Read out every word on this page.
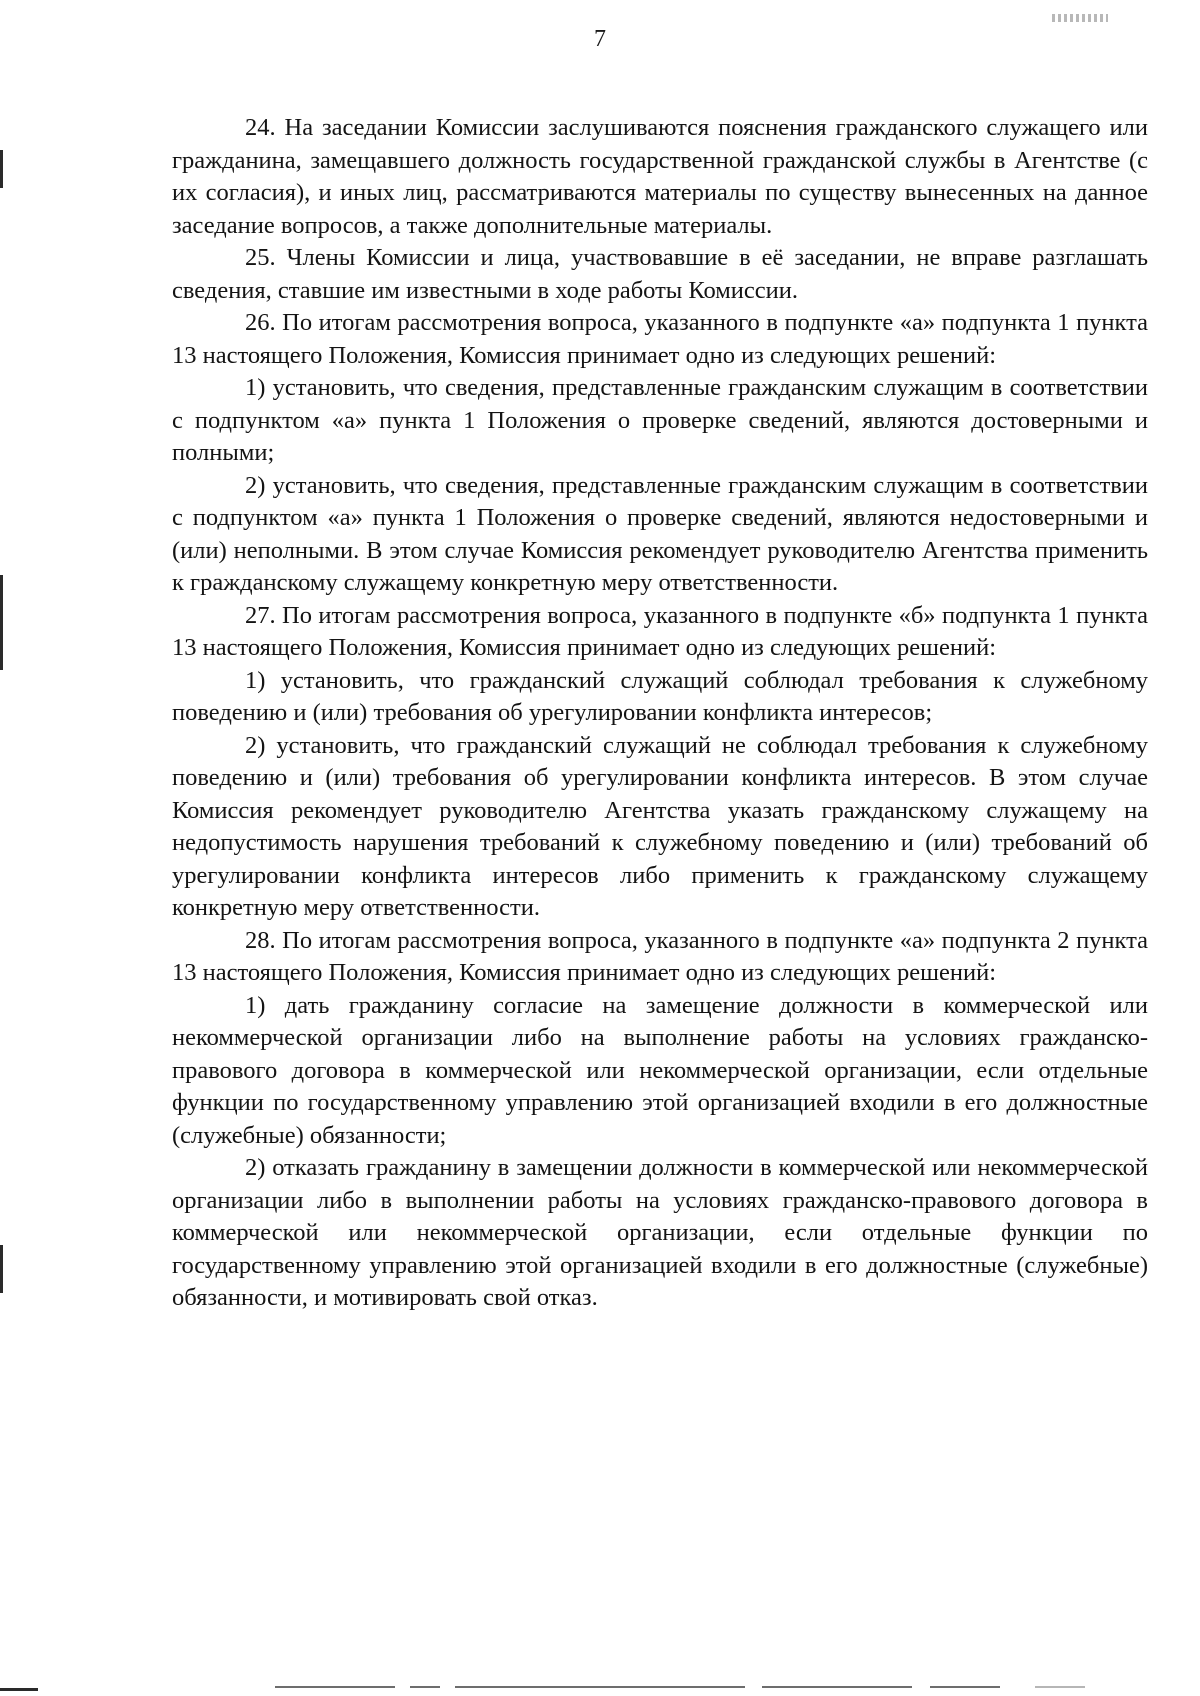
7

24. На заседании Комиссии заслушиваются пояснения гражданского служащего или гражданина, замещавшего должность государственной гражданской службы в Агентстве (с их согласия), и иных лиц, рассматриваются материалы по существу вынесенных на данное заседание вопросов, а также дополнительные материалы.

25. Члены Комиссии и лица, участвовавшие в её заседании, не вправе разглашать сведения, ставшие им известными в ходе работы Комиссии.

26. По итогам рассмотрения вопроса, указанного в подпункте «а» подпункта 1 пункта 13 настоящего Положения, Комиссия принимает одно из следующих решений:

1) установить, что сведения, представленные гражданским служащим в соответствии с подпунктом «а» пункта 1 Положения о проверке сведений, являются достоверными и полными;

2) установить, что сведения, представленные гражданским служащим в соответствии с подпунктом «а» пункта 1 Положения о проверке сведений, являются недостоверными и (или) неполными. В этом случае Комиссия рекомендует руководителю Агентства применить к гражданскому служащему конкретную меру ответственности.

27. По итогам рассмотрения вопроса, указанного в подпункте «б» подпункта 1 пункта 13 настоящего Положения, Комиссия принимает одно из следующих решений:

1) установить, что гражданский служащий соблюдал требования к служебному поведению и (или) требования об урегулировании конфликта интересов;

2) установить, что гражданский служащий не соблюдал требования к служебному поведению и (или) требования об урегулировании конфликта интересов. В этом случае Комиссия рекомендует руководителю Агентства указать гражданскому служащему на недопустимость нарушения требований к служебному поведению и (или) требований об урегулировании конфликта интересов либо применить к гражданскому служащему конкретную меру ответственности.

28. По итогам рассмотрения вопроса, указанного в подпункте «а» подпункта 2 пункта 13 настоящего Положения, Комиссия принимает одно из следующих решений:

1) дать гражданину согласие на замещение должности в коммерческой или некоммерческой организации либо на выполнение работы на условиях гражданско-правового договора в коммерческой или некоммерческой организации, если отдельные функции по государственному управлению этой организацией входили в его должностные (служебные) обязанности;

2) отказать гражданину в замещении должности в коммерческой или некоммерческой организации либо в выполнении работы на условиях гражданско-правового договора в коммерческой или некоммерческой организации, если отдельные функции по государственному управлению этой организацией входили в его должностные (служебные) обязанности, и мотивировать свой отказ.
